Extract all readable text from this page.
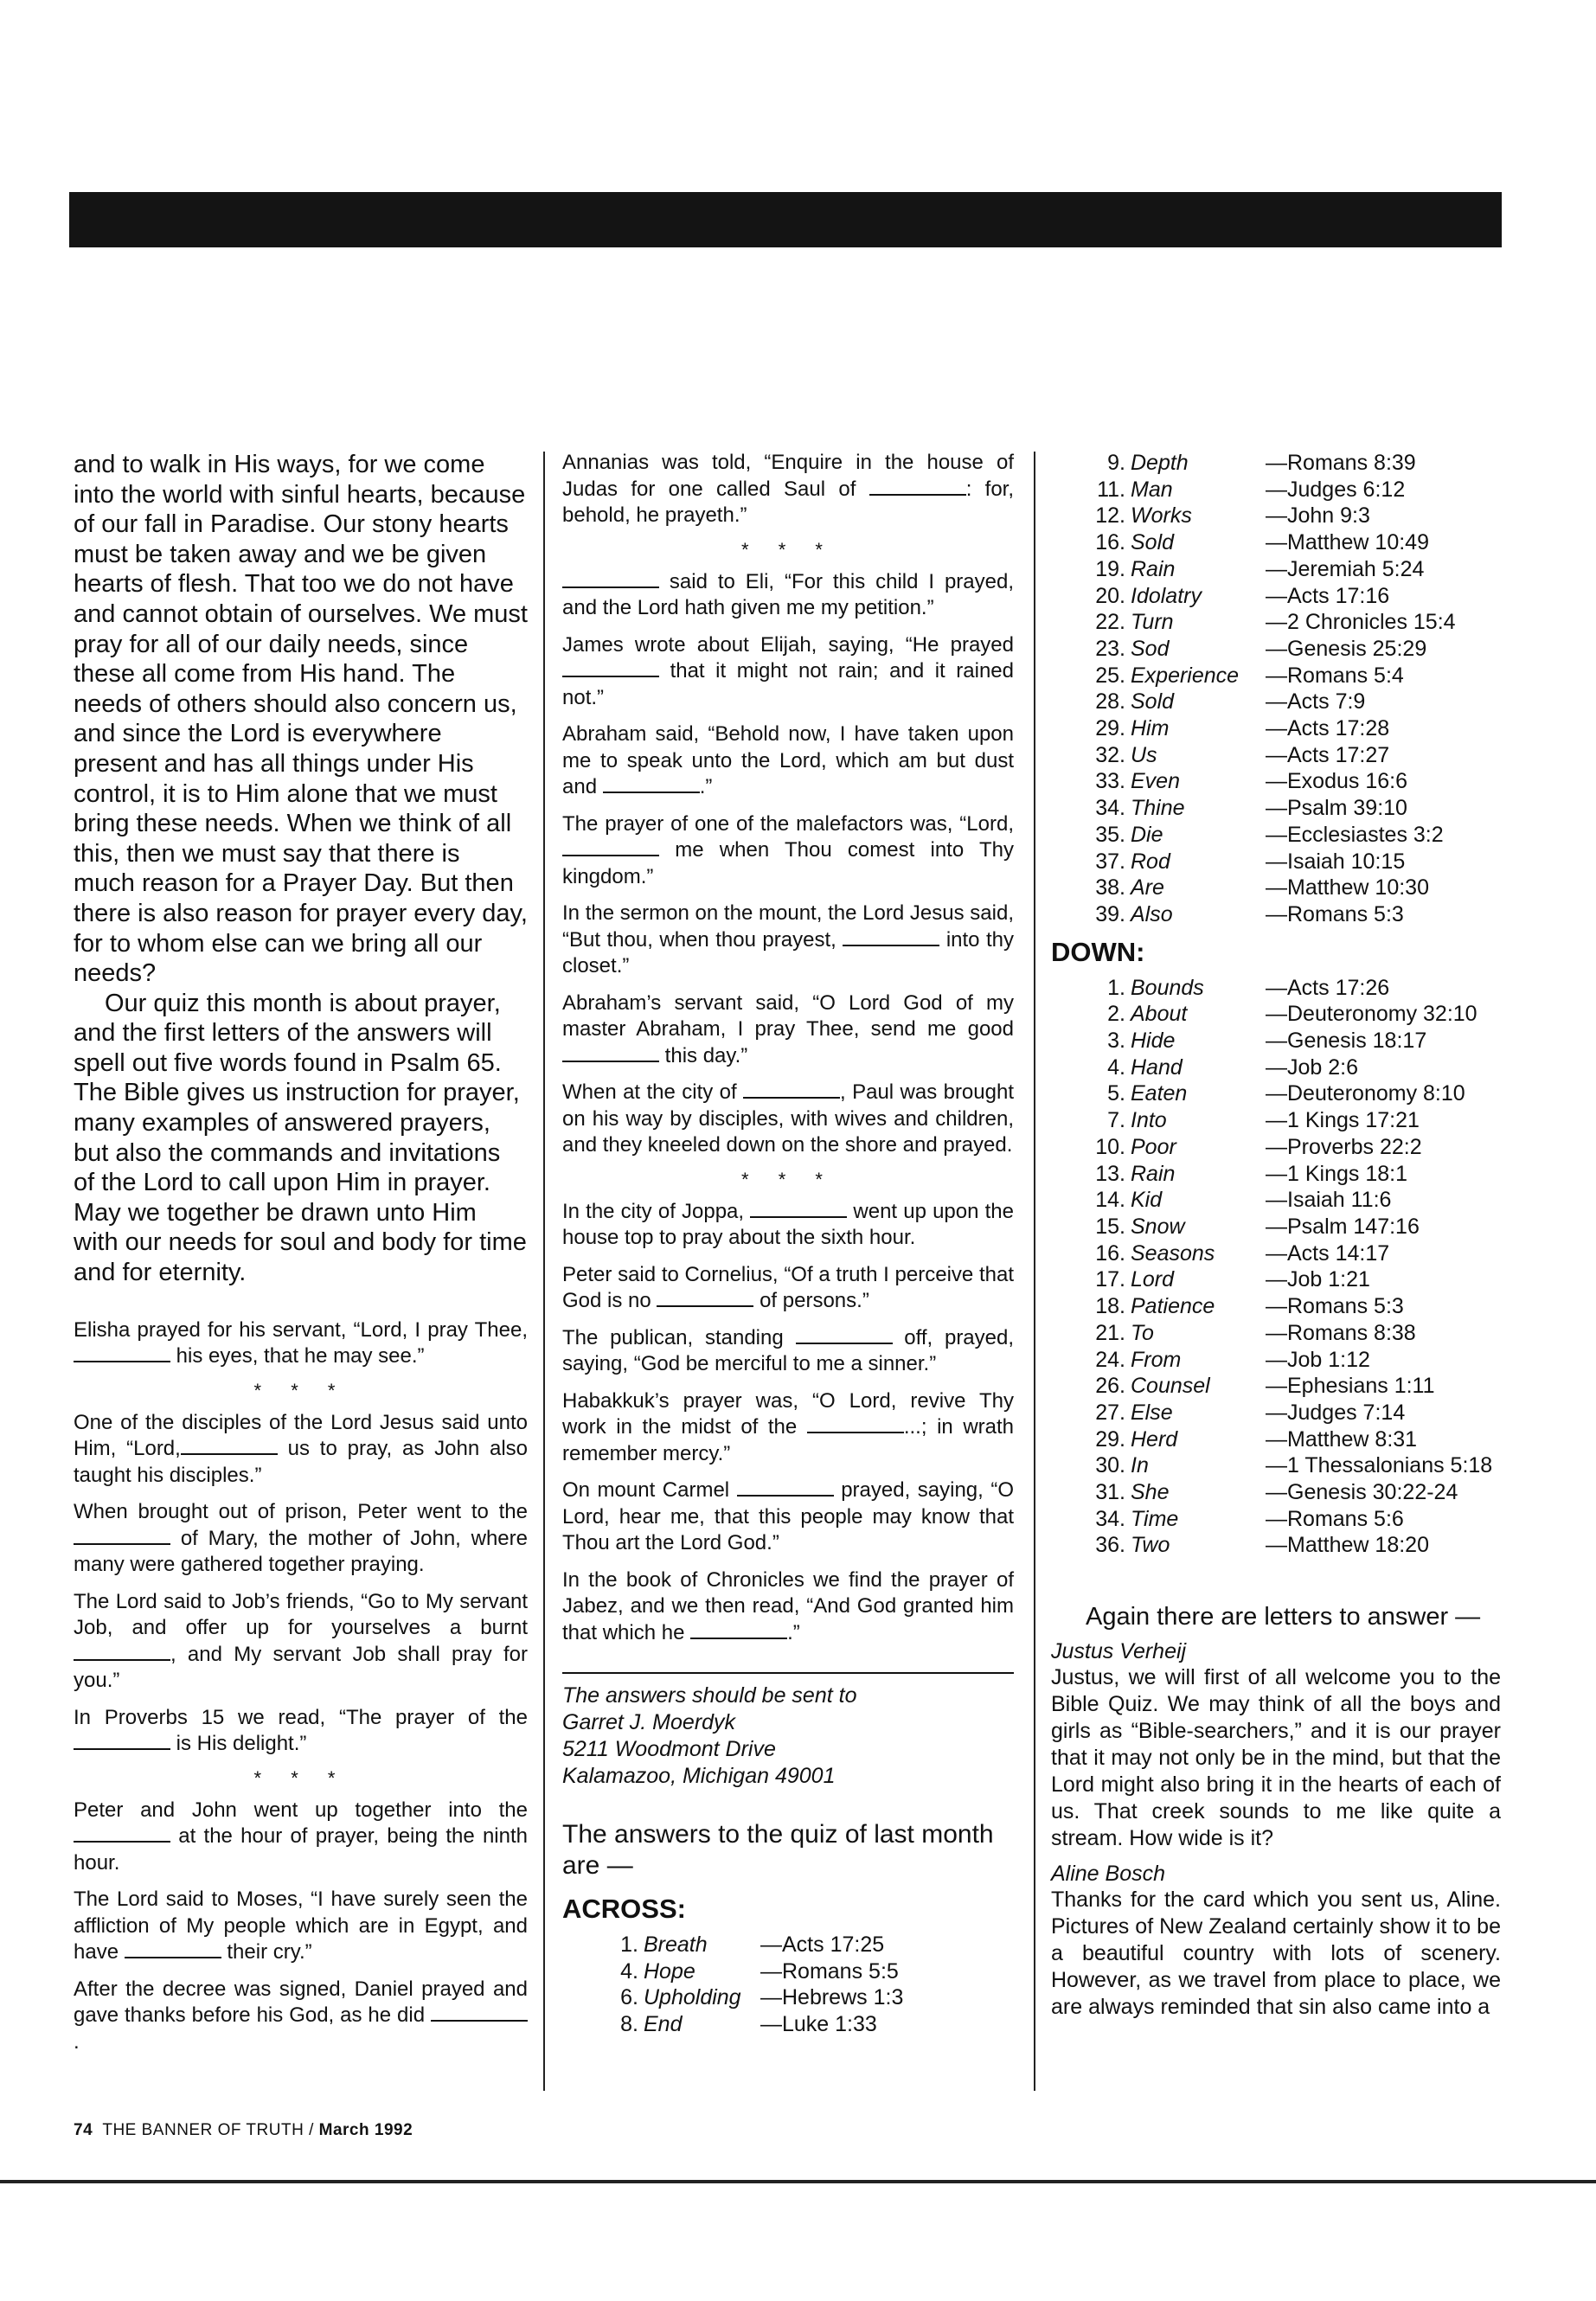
and to walk in His ways, for we come into the world with sinful hearts, because of our fall in Paradise. Our stony hearts must be taken away and we be given hearts of flesh. That too we do not have and cannot obtain of ourselves. We must pray for all of our daily needs, since these all come from His hand. The needs of others should also concern us, and since the Lord is everywhere present and has all things under His control, it is to Him alone that we must bring these needs. When we think of all this, then we must say that there is much reason for a Prayer Day. But then there is also reason for prayer every day, for to whom else can we bring all our needs?

Our quiz this month is about prayer, and the first letters of the answers will spell out five words found in Psalm 65. The Bible gives us instruction for prayer, many examples of answered prayers, but also the commands and invitations of the Lord to call upon Him in prayer. May we together be drawn unto Him with our needs for soul and body for time and for eternity.

Elisha prayed for his servant, “Lord, I pray Thee,  his eyes, that he may see.”

* * *

One of the disciples of the Lord Jesus said unto Him, “Lord,	us to pray, as John also taught his disciples.”

When brought out of prison, Peter went to the  of Mary, the mother of John, where many were gathered together praying.

The Lord said to Job’s friends, “Go to My servant Job, and offer up for yourselves a burnt , and My servant Job shall pray for you.”

In Proverbs 15 we read, “The prayer of the  is His delight.”

* * *

Peter and John went up together into the  at the hour of prayer, being the ninth hour.

The Lord said to Moses, “I have surely seen the affliction of My people which are in Egypt, and have	their cry.”

After the decree was signed, Daniel prayed and gave thanks before his God, as he did .

Annanias was told, “Enquire in the house of Judas for one called Saul of	: for, behold, he prayeth.”

* * *

said to Eli, “For this child I prayed, and the Lord hath given me my petition.”

James wrote about Elijah, saying, “He prayed  that it might not rain; and it rained not.”

Abraham said, “Behold now, I have taken upon me to speak unto the Lord, which am but dust and	.”

The prayer of one of the malefactors was, “Lord,  me when Thou comest into Thy kingdom.”

In the sermon on the mount, the Lord Jesus said, “But thou, when thou prayest,	into thy closet.”

Abraham’s servant said, “O Lord God of my master Abraham, I pray Thee, send me good  this day.”

When at the city of	, Paul was brought on his way by disciples, with wives and children, and they kneeled down on the shore and prayed.

* * *

In the city of Joppa,	went up upon the house top to pray about the sixth hour.

Peter said to Cornelius, “Of a truth I perceive that God is no	of persons.”

The publican, standing	off, prayed, saying, “God be merciful to me a sinner.”

Habakkuk’s prayer was, “O Lord, revive Thy work in the midst of the	...; in wrath remember mercy.”

On mount Carmel	prayed, saying, “O Lord, hear me, that this people may know that Thou art the Lord God.”

In the book of Chronicles we find the prayer of Jabez, and we then read, “And God granted him that which he	.”

The answers should be sent to
Garret J. Moerdyk
5211 Woodmont Drive
Kalamazoo, Michigan 49001
The answers to the quiz of last month are —
ACROSS:
1.	Breath	—Acts 17:25
4.	Hope	—Romans 5:5
6.	Upholding	—Hebrews 1:3
8.	End	—Luke 1:33
9.	Depth	—Romans 8:39
11.	Man	—Judges 6:12
12.	Works	—John 9:3
16.	Sold	—Matthew 10:49
19.	Rain	—Jeremiah 5:24
20.	Idolatry	—Acts 17:16
22.	Turn	—2 Chronicles 15:4
23.	Sod	—Genesis 25:29
25.	Experience	—Romans 5:4
28.	Sold	—Acts 7:9
29.	Him	—Acts 17:28
32.	Us	—Acts 17:27
33.	Even	—Exodus 16:6
34.	Thine	—Psalm 39:10
35.	Die	—Ecclesiastes 3:2
37.	Rod	—Isaiah 10:15
38.	Are	—Matthew 10:30
39.	Also	—Romans 5:3
DOWN:
1.	Bounds	—Acts 17:26
2.	About	—Deuteronomy 32:10
3.	Hide	—Genesis 18:17
4.	Hand	—Job 2:6
5.	Eaten	—Deuteronomy 8:10
7.	Into	—1 Kings 17:21
10.	Poor	—Proverbs 22:2
13.	Rain	—1 Kings 18:1
14.	Kid	—Isaiah 11:6
15.	Snow	—Psalm 147:16
16.	Seasons	—Acts 14:17
17.	Lord	—Job 1:21
18.	Patience	—Romans 5:3
21.	To	—Romans 8:38
24.	From	—Job 1:12
26.	Counsel	—Ephesians 1:11
27.	Else	—Judges 7:14
29.	Herd	—Matthew 8:31
30.	In	—1 Thessalonians 5:18
31.	She	—Genesis 30:22-24
34.	Time	—Romans 5:6
36.	Two	—Matthew 18:20
Again there are letters to answer —

Justus Verheij

Justus, we will first of all welcome you to the Bible Quiz. We may think of all the boys and girls as “Bible-searchers,” and it is our prayer that it may not only be in the mind, but that the Lord might also bring it in the hearts of each of us. That creek sounds to me like quite a stream. How wide is it?

Aline Bosch

Thanks for the card which you sent us, Aline. Pictures of New Zealand certainly show it to be a beautiful country with lots of scenery. However, as we travel from place to place, we are always reminded that sin also came into a

74 THE BANNER OF TRUTH / March 1992
